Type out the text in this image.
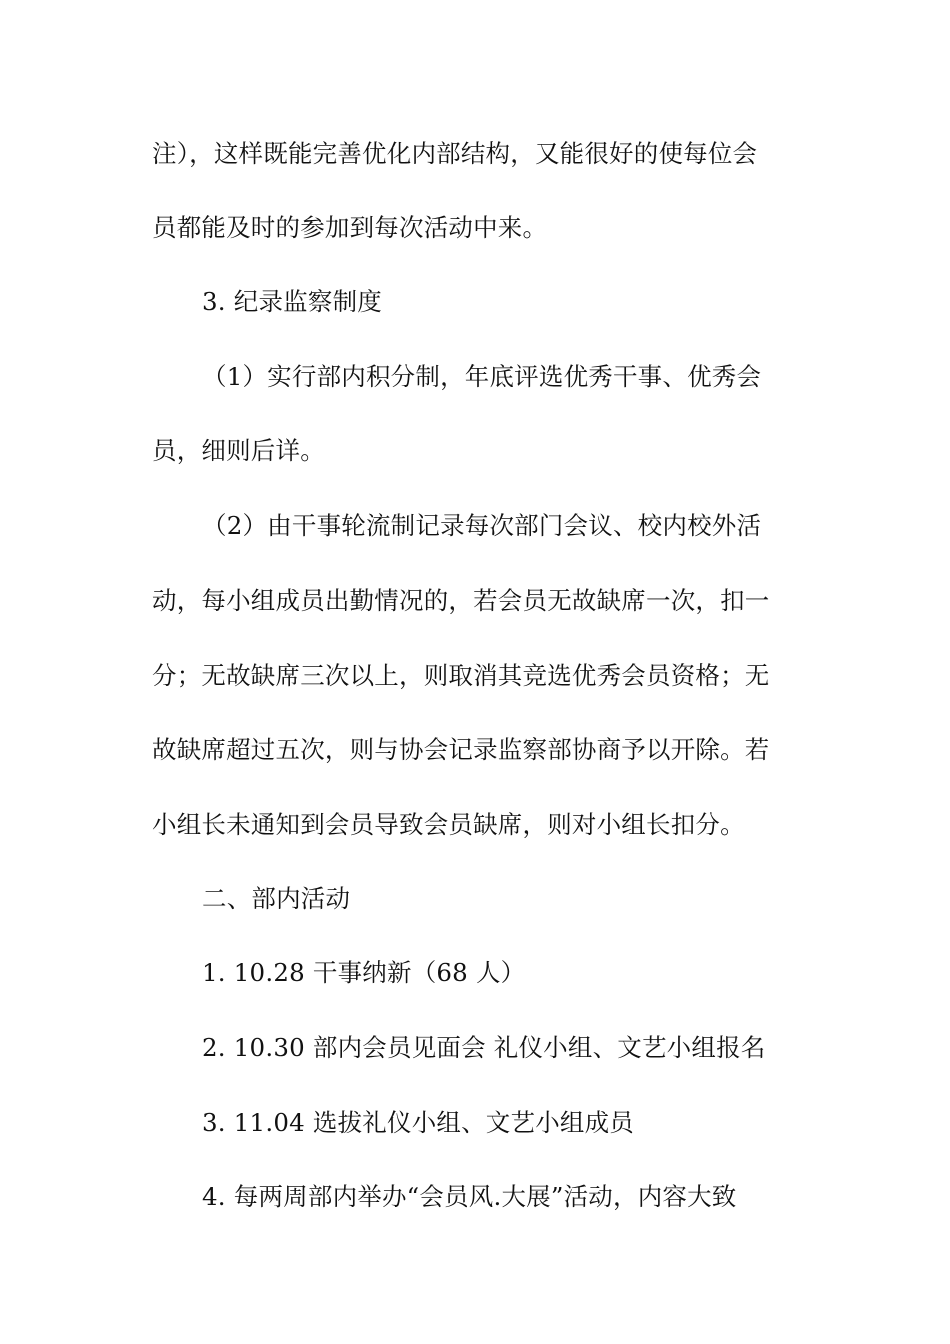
注），这样既能完善优化内部结构，又能很好的使每位会
员都能及时的参加到每次活动中来。
3. 纪录监察制度
（1）实行部内积分制，年底评选优秀干事、优秀会
员，细则后详。
（2）由干事轮流制记录每次部门会议、校内校外活
动，每小组成员出勤情况的，若会员无故缺席一次，扣一
分；无故缺席三次以上，则取消其竞选优秀会员资格；无
故缺席超过五次，则与协会记录监察部协商予以开除。若
小组长未通知到会员导致会员缺席，则对小组长扣分。
二、部内活动
1. 10.28 干事纳新（68 人）
2. 10.30 部内会员见面会 礼仪小组、文艺小组报名
3. 11.04 选拔礼仪小组、文艺小组成员
4. 每两周部内举办“会员风.大展”活动，内容大致
